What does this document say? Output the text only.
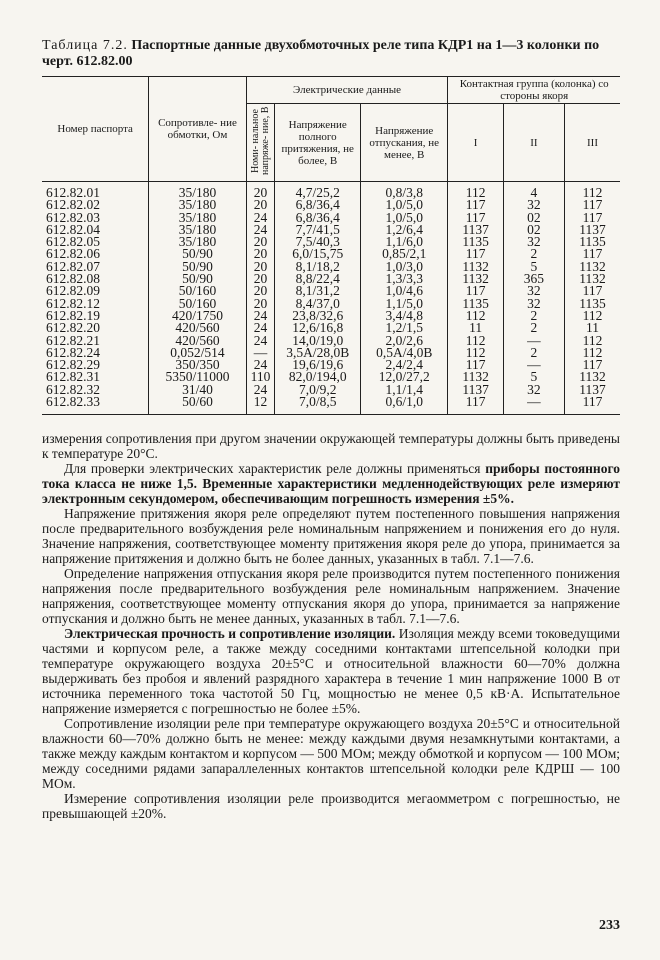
Таблица 7.2. Паспортные данные двухобмоточных реле типа КДР1 на 1—3 колонки по черт. 612.82.00
Номер паспорта	Сопротивле- ние обмотки, Ом	Электрические данные			Контактная группа (колонка) со стороны якоря		
		Номи- нальное напряже- ние, В	Напряжение полного притяжения, не более, В	Напряжение отпускания, не менее, В	I	II	III
612.82.01	35/180	20	4,7/25,2	0,8/3,8	112	4	112
612.82.02	35/180	20	6,8/36,4	1,0/5,0	117	32	117
612.82.03	35/180	24	6,8/36,4	1,0/5,0	117	02	117
612.82.04	35/180	24	7,7/41,5	1,2/6,4	1137	02	1137
612.82.05	35/180	20	7,5/40,3	1,1/6,0	1135	32	1135
612.82.06	50/90	20	6,0/15,75	0,85/2,1	117	2	117
612.82.07	50/90	20	8,1/18,2	1,0/3,0	1132	5	1132
612.82.08	50/90	20	8,8/22,4	1,3/3,3	1132	365	1132
612.82.09	50/160	20	8,1/31,2	1,0/4,6	117	32	117
612.82.12	50/160	20	8,4/37,0	1,1/5,0	1135	32	1135
612.82.19	420/1750	24	23,8/32,6	3,4/4,8	112	2	112
612.82.20	420/560	24	12,6/16,8	1,2/1,5	11	2	11
612.82.21	420/560	24	14,0/19,0	2,0/2,6	112	—	112
612.82.24	0,052/514	—	3,5А/28,0В	0,5А/4,0В	112	2	112
612.82.29	350/350	24	19,6/19,6	2,4/2,4	117	—	117
612.82.31	5350/11000	110	82,0/194,0	12,0/27,2	1132	5	1132
612.82.32	31/40	24	7,0/9,2	1,1/1,4	1137	32	1137
612.82.33	50/60	12	7,0/8,5	0,6/1,0	117	—	117

измерения сопротивления при другом значении окружающей температуры должны быть приведены к температуре 20°С.

Для проверки электрических характеристик реле должны применяться приборы постоянного тока класса не ниже 1,5. Временные характеристики медленнодействующих реле измеряют электронным секундомером, обеспечивающим погрешность измерения ±5%.

Напряжение притяжения якоря реле определяют путем постепенного повышения напряжения после предварительного возбуждения реле номинальным напряжением и понижения его до нуля. Значение напряжения, соответствующее моменту притяжения якоря реле до упора, принимается за напряжение притяжения и должно быть не более данных, указанных в табл. 7.1—7.6.

Определение напряжения отпускания якоря реле производится путем постепенного понижения напряжения после предварительного возбуждения реле номинальным напряжением. Значение напряжения, соответствующее моменту отпускания якоря до упора, принимается за напряжение отпускания и должно быть не менее данных, указанных в табл. 7.1—7.6.

Электрическая прочность и сопротивление изоляции. Изоляция между всеми токоведущими частями и корпусом реле, а также между соседними контактами штепсельной колодки при температуре окружающего воздуха 20±5°С и относительной влажности 60—70% должна выдерживать без пробоя и явлений разрядного характера в течение 1 мин напряжение 1000 В от источника переменного тока частотой 50 Гц, мощностью не менее 0,5 кВ·А. Испытательное напряжение измеряется с погрешностью не более ±5%.

Сопротивление изоляции реле при температуре окружающего воздуха 20±5°С и относительной влажности 60—70% должно быть не менее: между каждыми двумя незамкнутыми контактами, а также между каждым контактом и корпусом — 500 МОм; между обмоткой и корпусом — 100 МОм; между соседними рядами запараллеленных контактов штепсельной колодки реле КДРШ — 100 МОм.

Измерение сопротивления изоляции реле производится мегаомметром с погрешностью, не превышающей ±20%.

233
